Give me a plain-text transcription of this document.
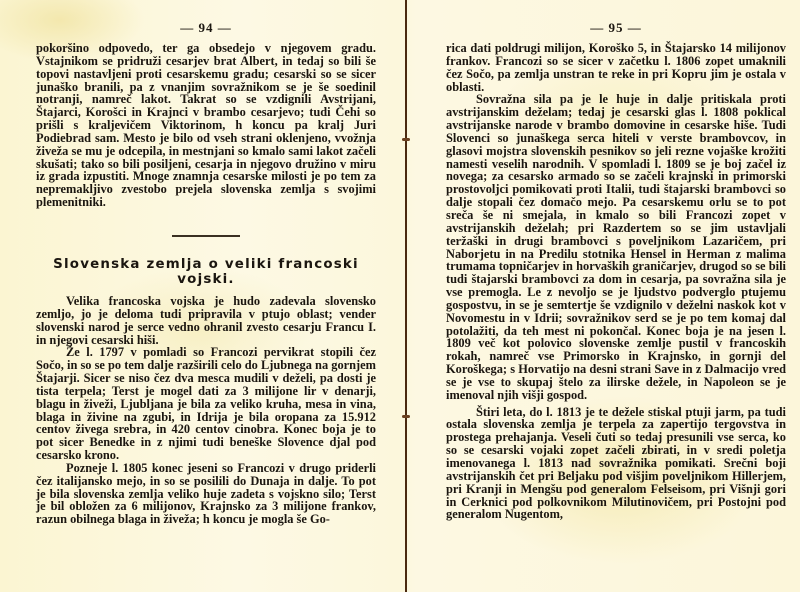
— 94 —

pokoršino odpovedo, ter ga obsedejo v njegovem gradu. Vstajnikom se pridruži cesarjev brat Albert, in tedaj so bili še topovi nastavljeni proti cesarskemu gradu; cesarski so se sicer junaško branili, pa z vnanjim sovražnikom se je še soedinil notranji, namreč lakot. Takrat so se vzdignili Avstrijani, Štajarci, Korošci in Krajnci v brambo cesarjevo; tudi Čehi so prišli s kraljevičem Viktorinom, h koncu pa kralj Juri Podiebrad sam. Mesto je bilo od vseh strani oklenjeno, vvožnja živeža se mu je odcepila, in mestnjani so kmalo sami lakot začeli skušati; tako so bili posiljeni, cesarja in njegovo družino v miru iz grada izpustiti. Mnoge znamnja cesarske milosti je po tem za nepremakljivo zvestobo prejela slovenska zemlja s svojimi plemenitniki.

Slovenska zemlja o veliki francoski vojski.

Velika francoska vojska je hudo zadevala slovensko zemljo, jo je deloma tudi pripravila v ptujo oblast; vender slovenski narod je serce vedno ohranil zvesto cesarju Francu I. in njegovi cesarski hiši.

Že l. 1797 v pomladi so Francozi pervikrat stopili čez Sočo, in so se po tem dalje razširili celo do Ljubnega na gornjem Štajarji. Sicer se niso čez dva mesca mudili v deželi, pa dosti je tista terpela; Terst je mogel dati za 3 milijone lir v denarji, blagu in živeži, Ljubljana je bila za veliko kruha, mesa in vina, blaga in živine na zgubi, in Idrija je bila oropana za 15.912 centov živega srebra, in 420 centov cinobra. Konec boja je to pot sicer Benedke in z njimi tudi beneške Slovence djal pod cesarsko krono.

Pozneje l. 1805 konec jeseni so Francozi v drugo priderli čez italijansko mejo, in so se posilili do Dunaja in dalje. To pot je bila slovenska zemlja veliko huje zadeta s vojskno silo; Terst je bil obložen za 6 milijonov, Krajnsko za 3 milijone frankov, razun obilnega blaga in živeža; h koncu je mogla še Go-

— 95 —

rica dati poldrugi milijon, Koroško 5, in Štajarsko 14 milijonov frankov. Francozi so se sicer v začetku l. 1806 zopet umaknili čez Sočo, pa zemlja unstran te reke in pri Kopru jim je ostala v oblasti.

Sovražna sila pa je le huje in dalje pritiskala proti avstrijanskim deželam; tedaj je cesarski glas l. 1808 poklical avstrijanske narode v brambo domovine in cesarske hiše. Tudi Slovenci so junaškega serca hiteli v verste brambovcov, in glasovi mojstra slovenskih pesnikov so jeli rezne vojaške krožiti namesti veselih narodnih. V spomladi l. 1809 se je boj začel iz novega; za cesarsko armado so se začeli krajnski in primorski prostovoljci pomikovati proti Italii, tudi štajarski brambovci so dalje stopali čez domačo mejo. Pa cesarskemu orlu se to pot sreča še ni smejala, in kmalo so bili Francozi zopet v avstrijanskih deželah; pri Razdertem so se jim ustavljali teržaški in drugi brambovci s poveljnikom Lazaričem, pri Naborjetu in na Predilu stotnika Hensel in Herman z malima trumama topničarjev in horvaških graničarjev, drugod so se bili tudi štajarski brambovci za dom in cesarja, pa sovražna sila je vse premogla. Le z nevoljo se je ljudstvo podverglo ptujemu gospostvu, in se je semtertje še vzdignilo v deželni naskok kot v Novomestu in v Idrii; sovražnikov serd se je po tem komaj dal potolažiti, da teh mest ni pokončal. Konec boja je na jesen l. 1809 več kot polovico slovenske zemlje pustil v francoskih rokah, namreč vse Primorsko in Krajnsko, in gornji del Koroškega; s Horvatijo na desni strani Save in z Dalmacijo vred se je vse to skupaj štelo za ilirske dežele, in Napoleon se je imenoval njih višji gospod.

Štiri leta, do l. 1813 je te dežele stiskal ptuji jarm, pa tudi ostala slovenska zemlja je terpela za zapertijo tergovstva in prostega prehajanja. Veseli čuti so tedaj presunili vse serca, ko so se cesarski vojaki zopet začeli zbirati, in v sredi poletja imenovanega l. 1813 nad sovražnika pomikati. Srečni boji avstrijanskih čet pri Beljaku pod višjim poveljnikom Hillerjem, pri Kranji in Mengšu pod generalom Felseisom, pri Višnji gori in Cerknici pod polkovnikom Milutinovičem, pri Postojni pod generalom Nugentom,
